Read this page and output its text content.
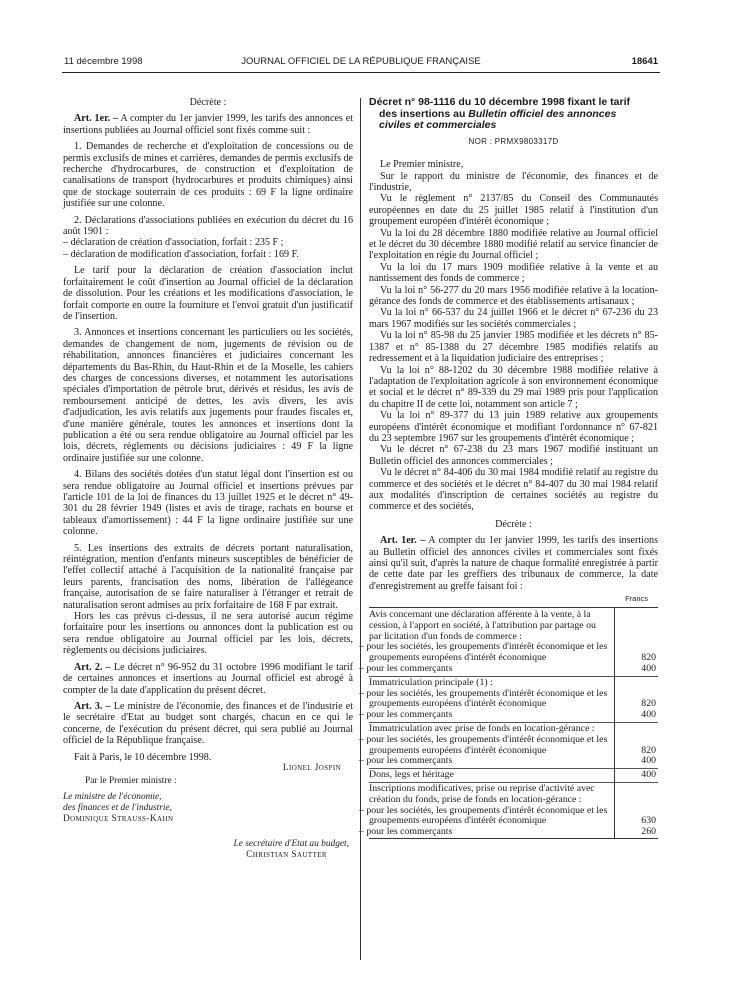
11 décembre 1998	JOURNAL OFFICIEL DE LA RÉPUBLIQUE FRANÇAISE	18641

Décrète :

Art. 1er. – A compter du 1er janvier 1999, les tarifs des annonces et insertions publiées au Journal officiel sont fixés comme suit :

1. Demandes de recherche et d'exploitation de concessions ou de permis exclusifs de mines et carrières, demandes de permis exclusifs de recherche d'hydrocarbures, de construction et d'exploitation de canalisations de transport (hydrocarbures et produits chimiques) ainsi que de stockage souterrain de ces produits : 69 F la ligne ordinaire justifiée sur une colonne.

2. Déclarations d'associations publiées en exécution du décret du 16 août 1901 :

– déclaration de création d'association, forfait : 235 F ;

– déclaration de modification d'association, forfait : 169 F.

Le tarif pour la déclaration de création d'association inclut forfaitairement le coût d'insertion au Journal officiel de la déclaration de dissolution. Pour les créations et les modifications d'association, le forfait comporte en outre la fourniture et l'envoi gratuit d'un justificatif de l'insertion.

3. Annonces et insertions concernant les particuliers ou les sociétés, demandes de changement de nom, jugements de révision ou de réhabilitation, annonces financières et judiciaires concernant les départements du Bas-Rhin, du Haut-Rhin et de la Moselle, les cahiers des charges de concessions diverses, et notamment les autorisations spéciales d'importation de pétrole brut, dérivés et résidus, les avis de remboursement anticipé de dettes, les avis divers, les avis d'adjudication, les avis relatifs aux jugements pour fraudes fiscales et, d'une manière générale, toutes les annonces et insertions dont la publication a été ou sera rendue obligatoire au Journal officiel par les lois, décrets, règlements ou décisions judiciaires : 49 F la ligne ordinaire justifiée sur une colonne.

4. Bilans des sociétés dotées d'un statut légal dont l'insertion est ou sera rendue obligatoire au Journal officiel et insertions prévues par l'article 101 de la loi de finances du 13 juillet 1925 et le décret n° 49-301 du 28 février 1949 (listes et avis de tirage, rachats en bourse et tableaux d'amortissement) : 44 F la ligne ordinaire justifiée sur une colonne.

5. Les insertions des extraits de décrets portant naturalisation, réintégration, mention d'enfants mineurs susceptibles de bénéficier de l'effet collectif attaché à l'acquisition de la nationalité française par leurs parents, francisation des noms, libération de l'allégeance française, autorisation de se faire naturaliser à l'étranger et retrait de naturalisation seront admises au prix forfaitaire de 168 F par extrait.

Hors les cas prévus ci-dessus, il ne sera autorisé aucun régime forfaitaire pour les insertions ou annonces dont la publication est ou sera rendue obligatoire au Journal officiel par les lois, décrets, règlements ou décisions judiciaires.

Art. 2. – Le décret n° 96-952 du 31 octobre 1996 modifiant le tarif de certaines annonces et insertions au Journal officiel est abrogé à compter de la date d'application du présent décret.

Art. 3. – Le ministre de l'économie, des finances et de l'industrie et le secrétaire d'Etat au budget sont chargés, chacun en ce qui le concerne, de l'exécution du présent décret, qui sera publié au Journal officiel de la République française.

Fait à Paris, le 10 décembre 1998.

Lionel Jospin
Par le Premier ministre :
Le ministre de l'économie,
des finances et de l'industrie,
Dominique Strauss-Kahn
Le secrétaire d'Etat au budget,
Christian Sautter
Décret n° 98-1116 du 10 décembre 1998 fixant le tarif
des insertions au Bulletin officiel des annonces
civiles et commerciales
NOR : PRMX9803317D

Le Premier ministre,

Sur le rapport du ministre de l'économie, des finances et de l'industrie,

Vu le règlement n° 2137/85 du Conseil des Communautés européennes en date du 25 juillet 1985 relatif à l'institution d'un groupement européen d'intérêt économique ;

Vu la loi du 28 décembre 1880 modifiée relative au Journal officiel et le décret du 30 décembre 1880 modifié relatif au service financier de l'exploitation en régie du Journal officiel ;

Vu la loi du 17 mars 1909 modifiée relative à la vente et au nantissement des fonds de commerce ;

Vu la loi n° 56-277 du 20 mars 1956 modifiée relative à la location-gérance des fonds de commerce et des établissements artisanaux ;

Vu la loi n° 66-537 du 24 juillet 1966 et le décret n° 67-236 du 23 mars 1967 modifiés sur les sociétés commerciales ;

Vu la loi n° 85-98 du 25 janvier 1985 modifiée et les décrets n° 85-1387 et n° 85-1388 du 27 décembre 1985 modifiés relatifs au redressement et à la liquidation judiciaire des entreprises ;

Vu la loi n° 88-1202 du 30 décembre 1988 modifiée relative à l'adaptation de l'exploitation agricole à son environnement économique et social et le décret n° 89-339 du 29 mai 1989 pris pour l'application du chapitre II de cette loi, notamment son article 7 ;

Vu la loi n° 89-377 du 13 juin 1989 relative aux groupements européens d'intérêt économique et modifiant l'ordonnance n° 67-821 du 23 septembre 1967 sur les groupements d'intérêt économique ;

Vu le décret n° 67-238 du 23 mars 1967 modifié instituant un Bulletin officiel des annonces commerciales ;

Vu le décret n° 84-406 du 30 mai 1984 modifié relatif au registre du commerce et des sociétés et le décret n° 84-407 du 30 mai 1984 relatif aux modalités d'inscription de certaines sociétés au registre du commerce et des sociétés,

Décrète :

Art. 1er. – A compter du 1er janvier 1999, les tarifs des insertions au Bulletin officiel des annonces civiles et commerciales sont fixés ainsi qu'il suit, d'après la nature de chaque formalité enregistrée à partir de cette date par les greffiers des tribunaux de commerce, la date d'enregistrement au greffe faisant foi :

Francs
Avis concernant une déclaration afférente à la vente, à la cession, à l'apport en société, à l'attribution par partage ou par licitation d'un fonds de commerce :
– pour les sociétés, les groupements d'intérêt économique et les groupements européens d'intérêt économique	820
– pour les commerçants	400
Immatriculation principale (1) :
– pour les sociétés, les groupements d'intérêt économique et les groupements européens d'intérêt économique	820
– pour les commerçants	400
Immatriculation avec prise de fonds en location-gérance :
– pour les sociétés, les groupements d'intérêt économique et les groupements européens d'intérêt économique	820
– pour les commerçants	400
Dons, legs et héritage	400
Inscriptions modificatives, prise ou reprise d'activité avec création du fonds, prise de fonds en location-gérance :
– pour les sociétés, les groupements d'intérêt économique et les groupements européens d'intérêt économique	630
– pour les commerçants	260
